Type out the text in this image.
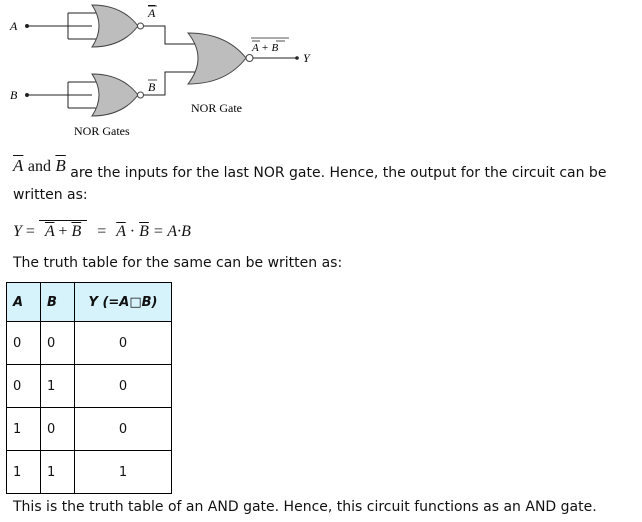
A
A
B
B
A + B
Y
NOR Gate
NOR Gates
$\overline{A}$ and $\overline{B}$ are the inputs for the last NOR gate. Hence, the output for the circuit can be
written as:
$Y = \overline{A} + \overline{B} = \overline{A} \cdot \overline{B} = A\cdot B$
The truth table for the same can be written as:
A	B	Y (=A□B)
0	0	0
0	1	0
1	0	0
1	1	1
This is the truth table of an AND gate. Hence, this circuit functions as an AND gate.
